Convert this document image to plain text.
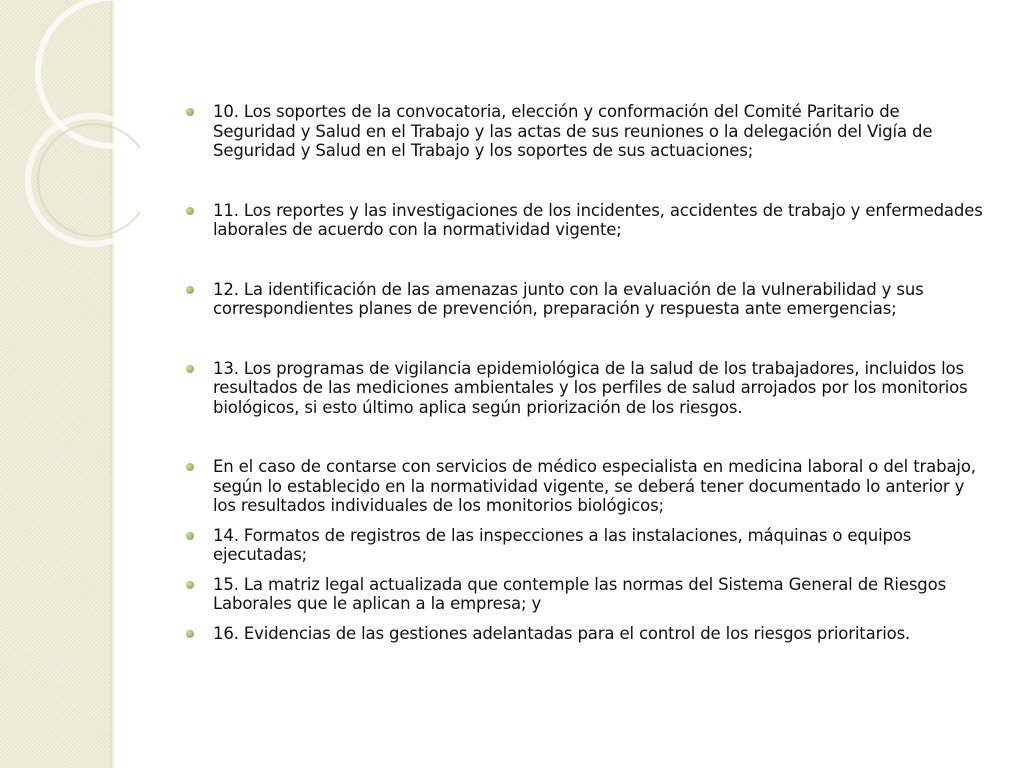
10. Los soportes de la convocatoria, elección y conformación del Comité Paritario de Seguridad y Salud en el Trabajo y las actas de sus reuniones o la delegación del Vigía de Seguridad y Salud en el Trabajo y los soportes de sus actuaciones;
11. Los reportes y las investigaciones de los incidentes, accidentes de trabajo y enfermedades laborales de acuerdo con la normatividad vigente;
12. La identificación de las amenazas junto con la evaluación de la vulnerabilidad y sus correspondientes planes de prevención, preparación y respuesta ante emergencias;
13. Los programas de vigilancia epidemiológica de la salud de los trabajadores, incluidos los resultados de las mediciones ambientales y los perfiles de salud arrojados por los monitorios biológicos, si esto último aplica según priorización de los riesgos.
En el caso de contarse con servicios de médico especialista en medicina laboral o del trabajo, según lo establecido en la normatividad vigente, se deberá tener documentado lo anterior y los resultados individuales de los monitorios biológicos;
14. Formatos de registros de las inspecciones a las instalaciones, máquinas o equipos ejecutadas;
15. La matriz legal actualizada que contemple las normas del Sistema General de Riesgos Laborales que le aplican a la empresa; y
16. Evidencias de las gestiones adelantadas para el control de los riesgos prioritarios.
